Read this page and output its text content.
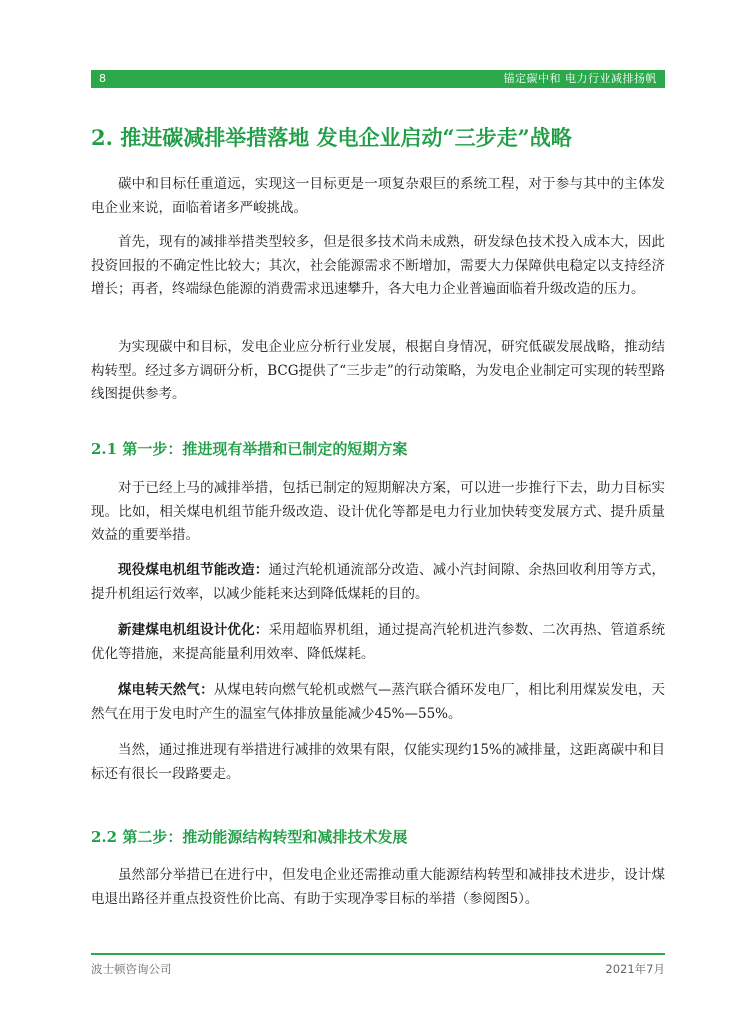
8	锚定碳中和 电力行业减排扬帆
2. 推进碳减排举措落地 发电企业启动“三步走”战略

碳中和目标任重道远，实现这一目标更是一项复杂艰巨的系统工程，对于参与其中的主体发电企业来说，面临着诸多严峻挑战。

首先，现有的减排举措类型较多，但是很多技术尚未成熟，研发绿色技术投入成本大，因此投资回报的不确定性比较大；其次，社会能源需求不断增加，需要大力保障供电稳定以支持经济增长；再者，终端绿色能源的消费需求迅速攀升，各大电力企业普遍面临着升级改造的压力。

为实现碳中和目标，发电企业应分析行业发展，根据自身情况，研究低碳发展战略，推动结构转型。经过多方调研分析，BCG提供了“三步走”的行动策略，为发电企业制定可实现的转型路线图提供参考。

2.1 第一步：推进现有举措和已制定的短期方案

对于已经上马的减排举措，包括已制定的短期解决方案，可以进一步推行下去，助力目标实现。比如，相关煤电机组节能升级改造、设计优化等都是电力行业加快转变发展方式、提升质量效益的重要举措。

现役煤电机组节能改造：通过汽轮机通流部分改造、减小汽封间隙、余热回收利用等方式，提升机组运行效率，以减少能耗来达到降低煤耗的目的。

新建煤电机组设计优化：采用超临界机组，通过提高汽轮机进汽参数、二次再热、管道系统优化等措施，来提高能量利用效率、降低煤耗。

煤电转天然气：从煤电转向燃气轮机或燃气—蒸汽联合循环发电厂，相比利用煤炭发电，天然气在用于发电时产生的温室气体排放量能减少45%—55%。

当然，通过推进现有举措进行减排的效果有限，仅能实现约15%的减排量，这距离碳中和目标还有很长一段路要走。

2.2 第二步：推动能源结构转型和减排技术发展

虽然部分举措已在进行中，但发电企业还需推动重大能源结构转型和减排技术进步，设计煤电退出路径并重点投资性价比高、有助于实现净零目标的举措（参阅图5）。

波士顿咨询公司	2021年7月
